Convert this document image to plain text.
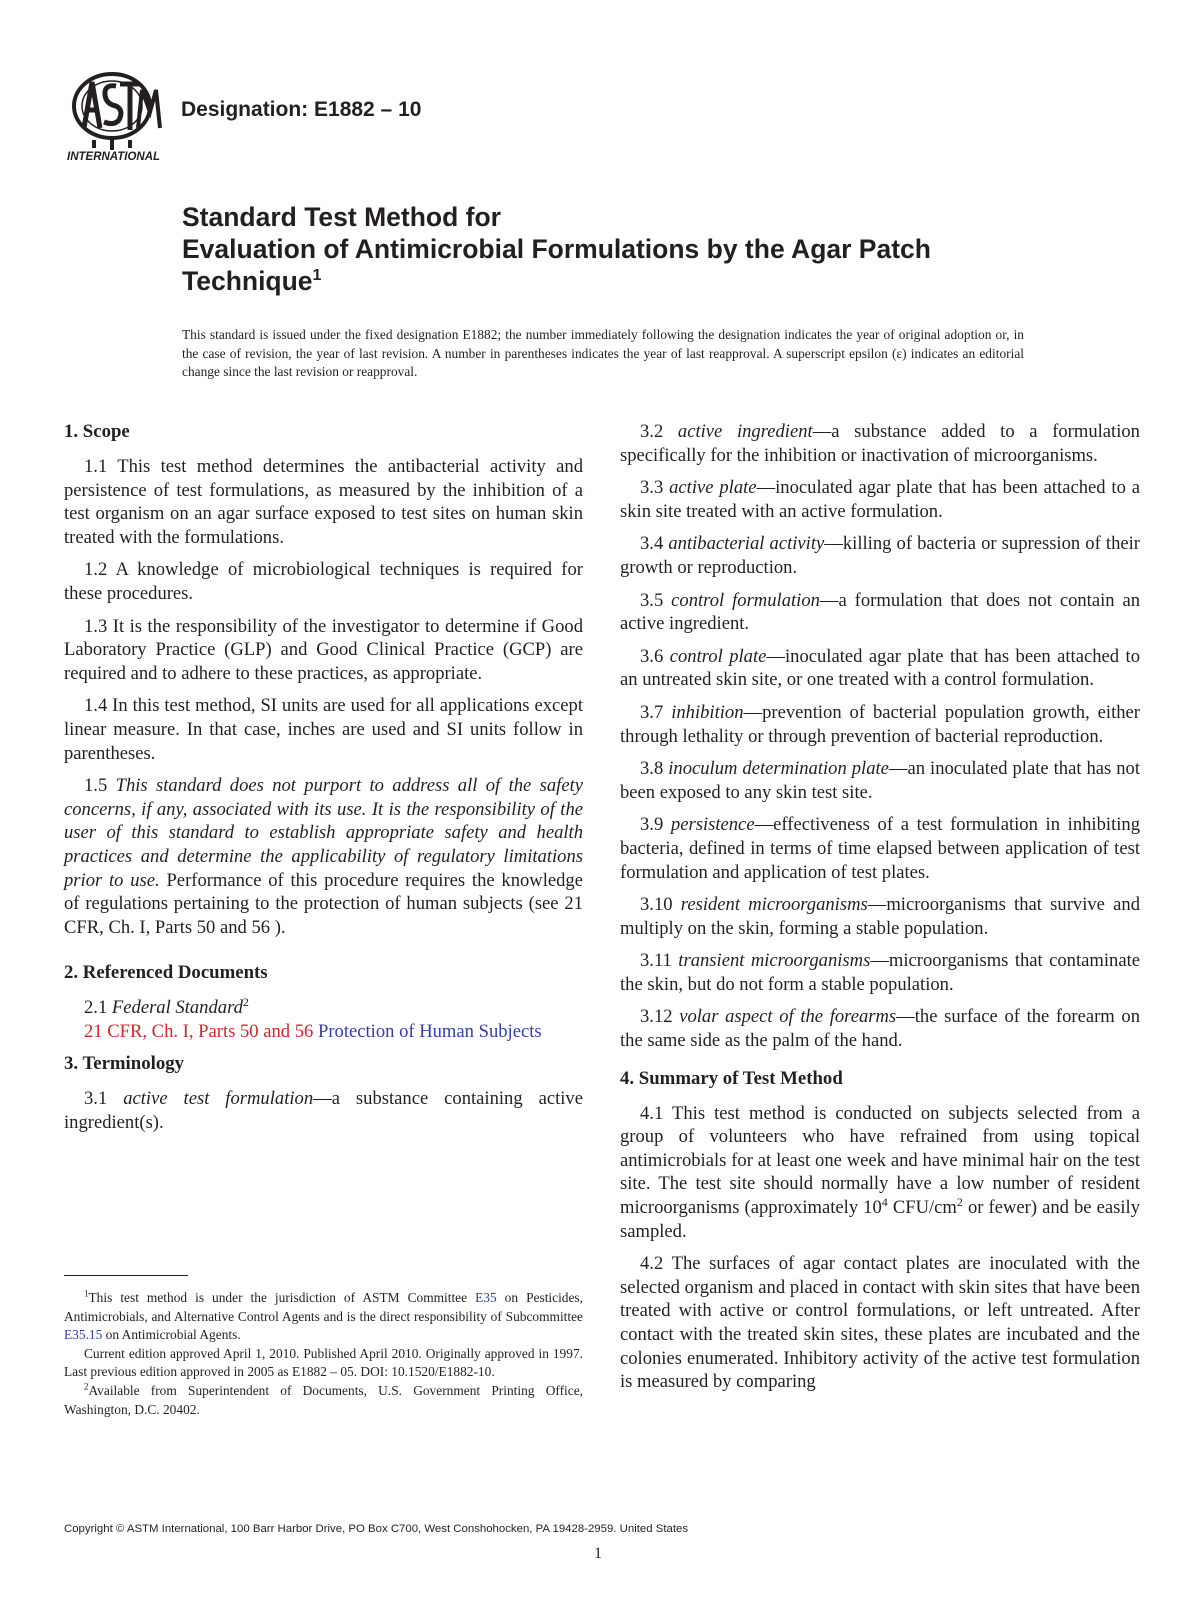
INTERNATIONAL
Designation: E1882 – 10
Standard Test Method for
Evaluation of Antimicrobial Formulations by the Agar Patch
Technique$^1$
This standard is issued under the fixed designation E1882; the number immediately following the designation indicates the year of original adoption or, in the case of revision, the year of last revision. A number in parentheses indicates the year of last reapproval. A superscript epsilon (ε) indicates an editorial change since the last revision or reapproval.
1. Scope

1.1 This test method determines the antibacterial activity and persistence of test formulations, as measured by the inhibition of a test organism on an agar surface exposed to test sites on human skin treated with the formulations.

1.2 A knowledge of microbiological techniques is required for these procedures.

1.3 It is the responsibility of the investigator to determine if Good Laboratory Practice (GLP) and Good Clinical Practice (GCP) are required and to adhere to these practices, as appropriate.

1.4 In this test method, SI units are used for all applications except linear measure. In that case, inches are used and SI units follow in parentheses.

1.5 This standard does not purport to address all of the safety concerns, if any, associated with its use. It is the responsibility of the user of this standard to establish appropriate safety and health practices and determine the applicability of regulatory limitations prior to use. Performance of this procedure requires the knowledge of regulations pertaining to the protection of human subjects (see 21 CFR, Ch. I, Parts 50 and 56 ).

2. Referenced Documents

2.1 Federal Standard$^2$

21 CFR, Ch. I, Parts 50 and 56 Protection of Human Subjects

3. Terminology

3.1 active test formulation—a substance containing active ingredient(s).

3.2 active ingredient—a substance added to a formulation specifically for the inhibition or inactivation of microorganisms.

3.3 active plate—inoculated agar plate that has been attached to a skin site treated with an active formulation.

3.4 antibacterial activity—killing of bacteria or supression of their growth or reproduction.

3.5 control formulation—a formulation that does not contain an active ingredient.

3.6 control plate—inoculated agar plate that has been attached to an untreated skin site, or one treated with a control formulation.

3.7 inhibition—prevention of bacterial population growth, either through lethality or through prevention of bacterial reproduction.

3.8 inoculum determination plate—an inoculated plate that has not been exposed to any skin test site.

3.9 persistence—effectiveness of a test formulation in inhibiting bacteria, defined in terms of time elapsed between application of test formulation and application of test plates.

3.10 resident microorganisms—microorganisms that survive and multiply on the skin, forming a stable population.

3.11 transient microorganisms—microorganisms that contaminate the skin, but do not form a stable population.

3.12 volar aspect of the forearms—the surface of the forearm on the same side as the palm of the hand.

4. Summary of Test Method

4.1 This test method is conducted on subjects selected from a group of volunteers who have refrained from using topical antimicrobials for at least one week and have minimal hair on the test site. The test site should normally have a low number of resident microorganisms (approximately $10^4$ CFU/$cm^2$ or fewer) and be easily sampled.

4.2 The surfaces of agar contact plates are inoculated with the selected organism and placed in contact with skin sites that have been treated with active or control formulations, or left untreated. After contact with the treated skin sites, these plates are incubated and the colonies enumerated. Inhibitory activity of the active test formulation is measured by comparing

$^1$This test method is under the jurisdiction of ASTM Committee E35 on Pesticides, Antimicrobials, and Alternative Control Agents and is the direct responsibility of Subcommittee E35.15 on Antimicrobial Agents.

Current edition approved April 1, 2010. Published April 2010. Originally approved in 1997. Last previous edition approved in 2005 as E1882 – 05. DOI: 10.1520/E1882-10.

$^2$Available from Superintendent of Documents, U.S. Government Printing Office, Washington, D.C. 20402.

Copyright © ASTM International, 100 Barr Harbor Drive, PO Box C700, West Conshohocken, PA 19428-2959. United States
1
